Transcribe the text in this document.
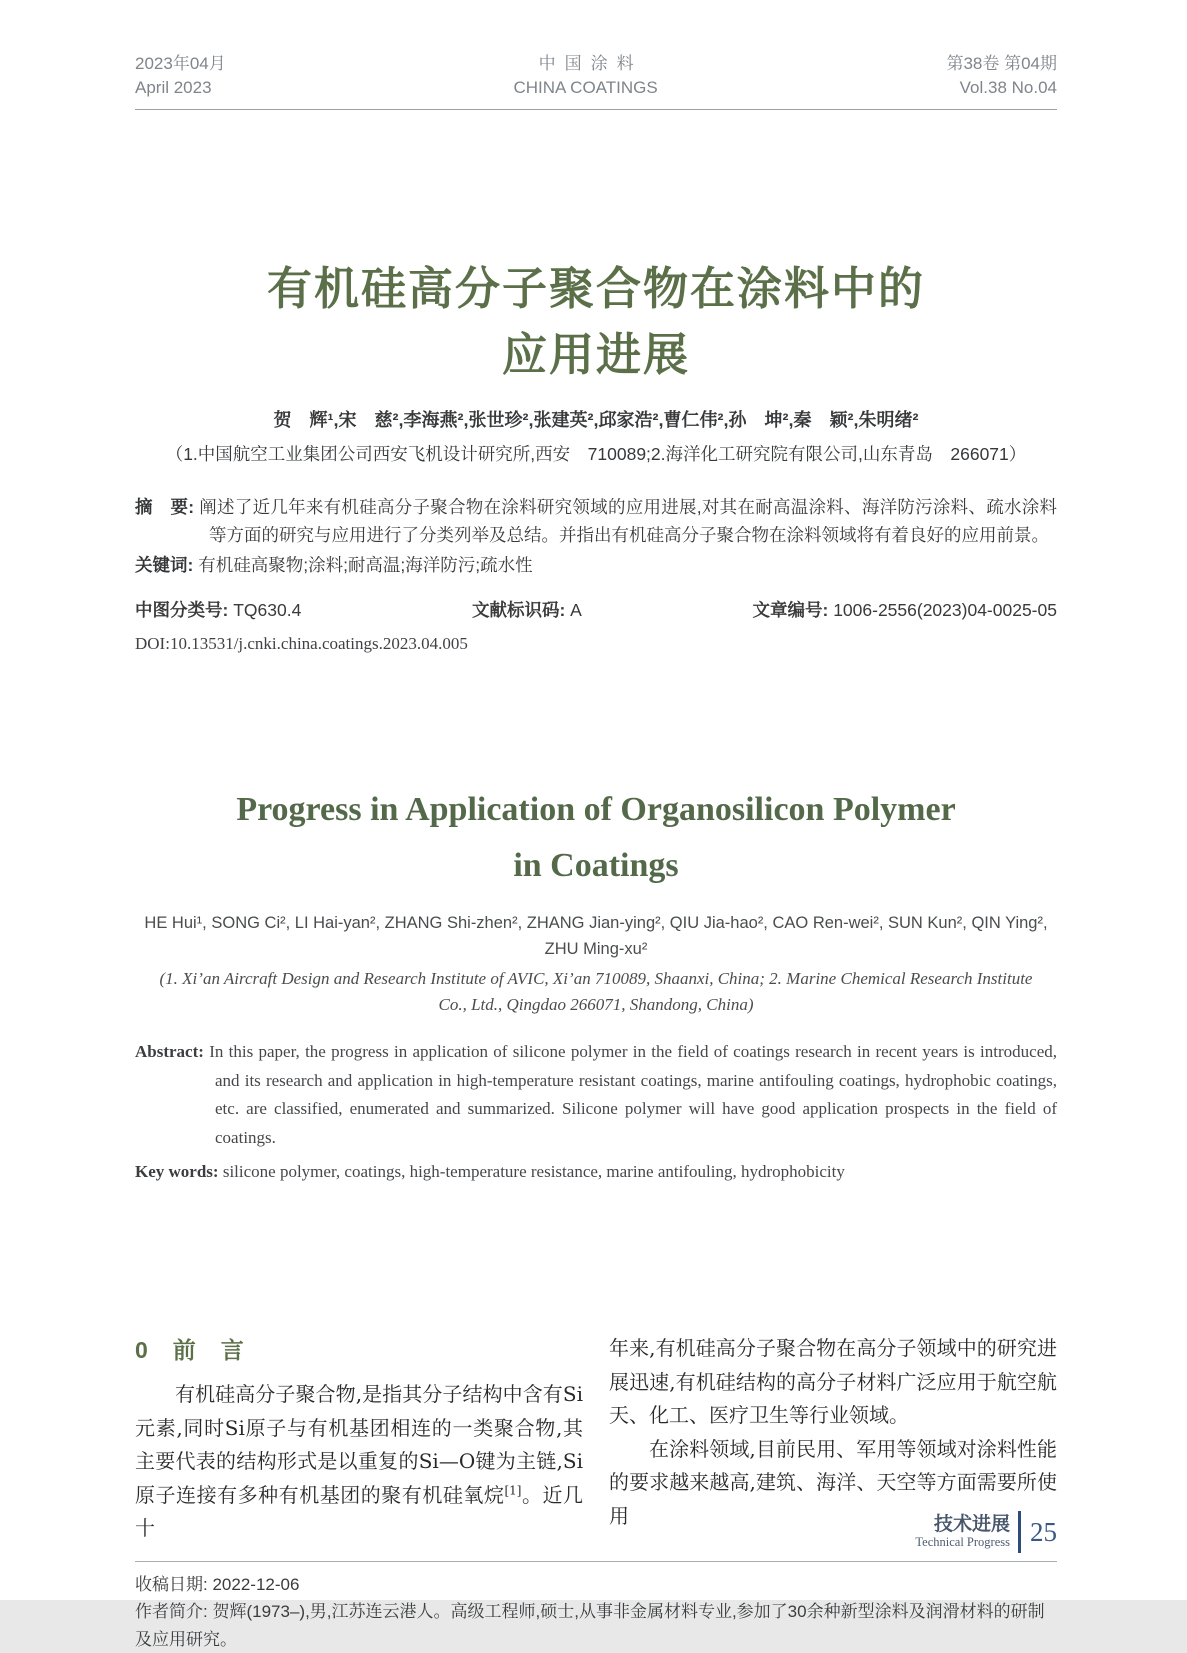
2023年04月	中国涂料	第38卷 第04期
April 2023	CHINA COATINGS	Vol.38 No.04
有机硅高分子聚合物在涂料中的
应用进展
贺　辉¹,宋　慈²,李海燕²,张世珍²,张建英²,邱家浩²,曹仁伟²,孙　坤²,秦　颖²,朱明绪²
（1.中国航空工业集团公司西安飞机设计研究所,西安　710089;2.海洋化工研究院有限公司,山东青岛　266071）
摘　要: 阐述了近几年来有机硅高分子聚合物在涂料研究领域的应用进展,对其在耐高温涂料、海洋防污涂料、疏水涂料等方面的研究与应用进行了分类列举及总结。并指出有机硅高分子聚合物在涂料领域将有着良好的应用前景。
关键词: 有机硅高聚物;涂料;耐高温;海洋防污;疏水性
中图分类号: TQ630.4	文献标识码: A	文章编号: 1006-2556(2023)04-0025-05
DOI:10.13531/j.cnki.china.coatings.2023.04.005
Progress in Application of Organosilicon Polymer
in Coatings
HE Hui¹, SONG Ci², LI Hai-yan², ZHANG Shi-zhen², ZHANG Jian-ying², QIU Jia-hao², CAO Ren-wei², SUN Kun², QIN Ying²,
ZHU Ming-xu²
(1. Xi’an Aircraft Design and Research Institute of AVIC, Xi’an 710089, Shaanxi, China; 2. Marine Chemical Research Institute
Co., Ltd., Qingdao 266071, Shandong, China)
Abstract: In this paper, the progress in application of silicone polymer in the field of coatings research in recent years is introduced, and its research and application in high-temperature resistant coatings, marine antifouling coatings, hydrophobic coatings, etc. are classified, enumerated and summarized. Silicone polymer will have good application prospects in the field of coatings.
Key words: silicone polymer, coatings, high-temperature resistance, marine antifouling, hydrophobicity
0　 前　言
有机硅高分子聚合物,是指其分子结构中含有Si元素,同时Si原子与有机基团相连的一类聚合物,其主要代表的结构形式是以重复的Si—O键为主链,Si原子连接有多种有机基团的聚有机硅氧烷[1]。近几十
年来,有机硅高分子聚合物在高分子领域中的研究进展迅速,有机硅结构的高分子材料广泛应用于航空航天、化工、医疗卫生等行业领域。
在涂料领域,目前民用、军用等领域对涂料性能的要求越来越高,建筑、海洋、天空等方面需要所使用
收稿日期: 2022-12-06
作者简介: 贺辉(1973–),男,江苏连云港人。高级工程师,硕士,从事非金属材料专业,参加了30余种新型涂料及润滑材料的研制及应用研究。
技术进展
Technical Progress 25
